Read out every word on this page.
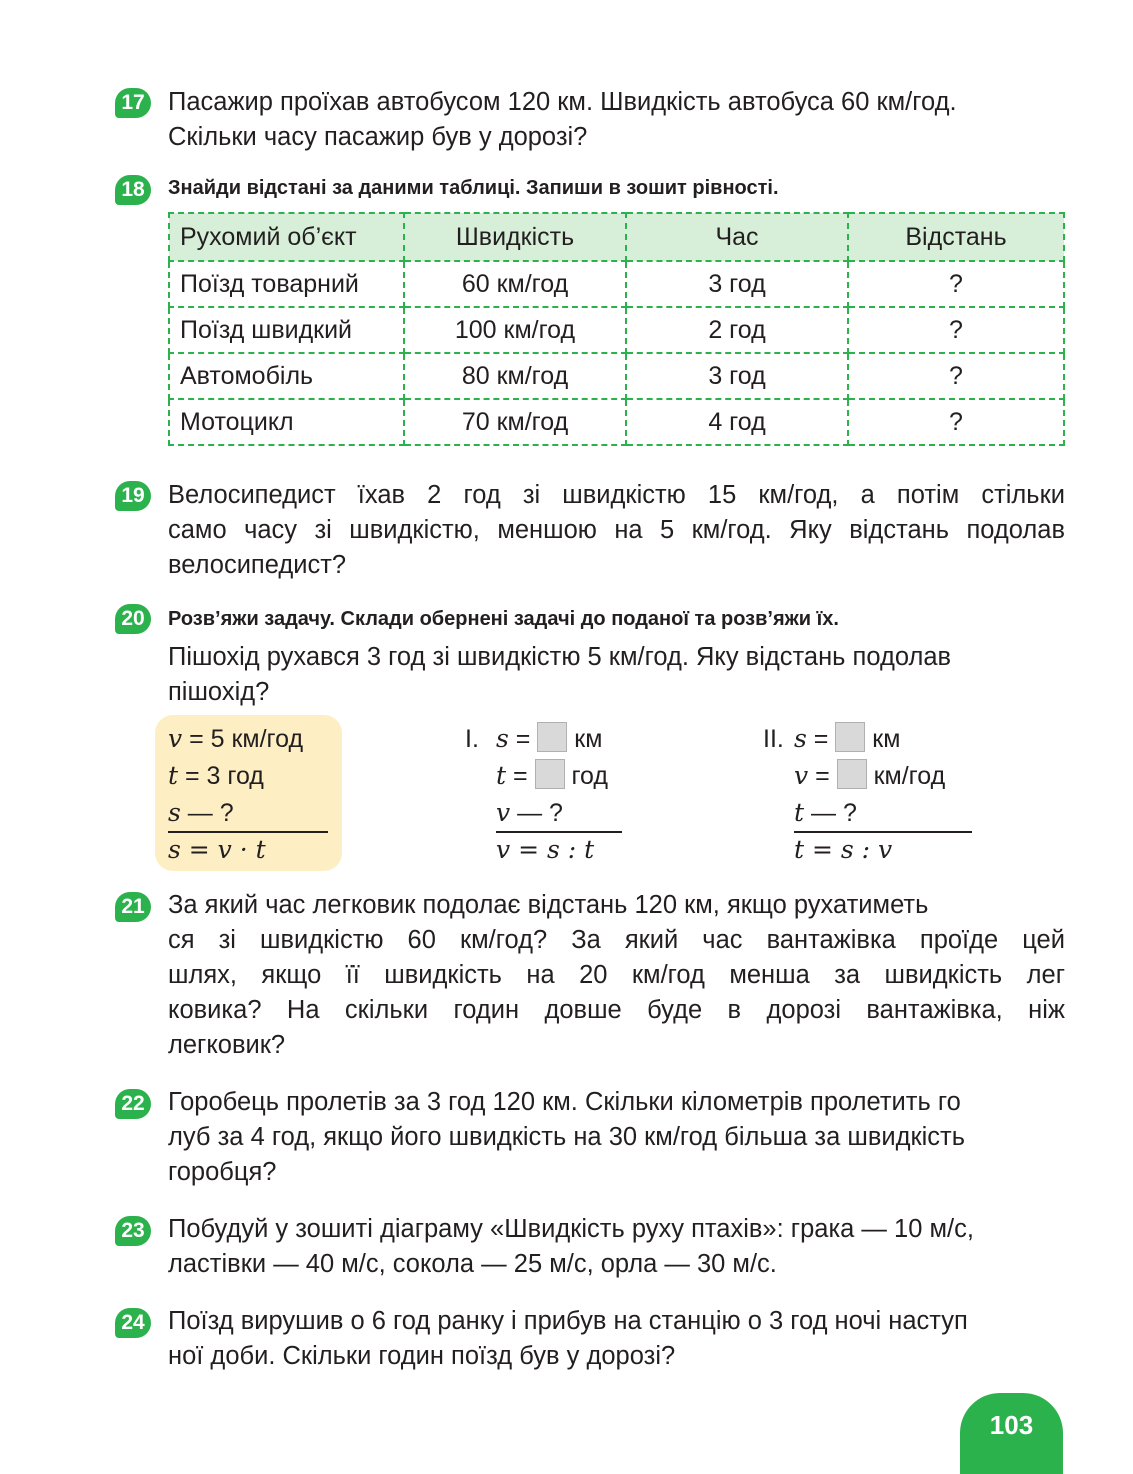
17 Пасажир проїхав автобусом 120 км. Швидкість автобуса 60 км/год.
Скільки часу пасажир був у дорозі?
18	Знайди відстані за даними таблиці. Запиши в зошит рівності.
Рухомий об’єкт	Швидкість	Час	Відстань
Поїзд товарний	60 км/год	3 год	?
Поїзд швидкий	100 км/год	2 год	?
Автомобіль	80 км/год	3 год	?
Мотоцикл	70 км/год	4 год	?
19 Велосипедист їхав 2 год зі швидкістю 15 км/год, а потім стільки
само часу зі швидкістю, меншою на 5 км/год. Яку відстань подолав
велосипедист?
20	Розв’яжи задачу. Склади обернені задачі до поданої та розв’яжи їх.
Пішохід рухався 3 год зі швидкістю 5 км/год. Яку відстань подолав
пішохід?
v = 5 км/год
t = 3 год
s — ?
s = v · t
I. s =  км
t =  год
v — ?
v = s : t
II. s =  км
v =  км/год
t — ?
t = s : v
21 За який час легковик подолає відстань 120 км, якщо рухатиметь
ся зі швидкістю 60 км/год? За який час вантажівка проїде цей
шлях, якщо її швидкість на 20 км/год менша за швидкість лег
ковика? На скільки годин довше буде в дорозі вантажівка, ніж
легковик?
22 Горобець пролетів за 3 год 120 км. Скільки кілометрів пролетить го
луб за 4 год, якщо його швидкість на 30 км/год більша за швидкість
горобця?
23 Побудуй у зошиті діаграму «Швидкість руху птахів»: грака — 10 м/с,
ластівки — 40 м/с, сокола — 25 м/с, орла — 30 м/с.
24 Поїзд вирушив о 6 год ранку і прибув на станцію о 3 год ночі наступ
ної доби. Скільки годин поїзд був у дорозі?
103
